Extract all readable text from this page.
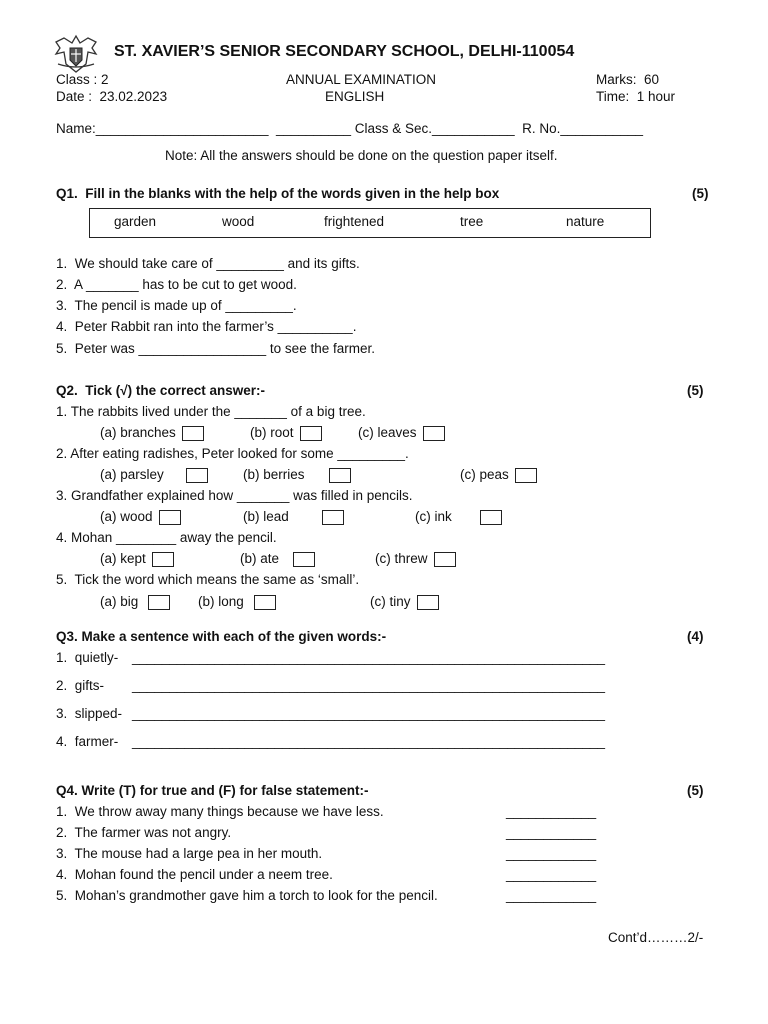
ST. XAVIER’S SENIOR SECONDARY SCHOOL, DELHI-110054
Class : 2	ANNUAL EXAMINATION	Marks:  60
Date :  23.02.2023	ENGLISH	Time:  1 hour
Name:_______________________  __________ Class & Sec.___________  R. No.___________
Note: All the answers should be done on the question paper itself.
Q1.  Fill in the blanks with the help of the words given in the help box	(5)
garden	wood	frightened	tree	nature
1.  We should take care of _________ and its gifts.
2.  A _______ has to be cut to get wood.
3.  The pencil is made up of _________.
4.  Peter Rabbit ran into the farmer’s __________.
5.  Peter was _________________ to see the farmer.
Q2.  Tick (√) the correct answer:-	(5)
1. The rabbits lived under the _______ of a big tree.
(a) branches	(b) root	(c) leaves
2. After eating radishes, Peter looked for some _________.
(a) parsley	(b) berries	(c) peas
3. Grandfather explained how _______ was filled in pencils.
(a) wood	(b) lead	(c) ink
4. Mohan ________ away the pencil.
(a) kept	(b) ate	(c) threw
5.  Tick the word which means the same as ‘small’.
(a) big	(b) long	(c) tiny
Q3. Make a sentence with each of the given words:-	(4)
1.  quietly- _______________________________________________________________
2.  gifts- _______________________________________________________________
3.  slipped- _______________________________________________________________
4.  farmer- _______________________________________________________________
Q4. Write (T) for true and (F) for false statement:-	(5)
1.  We throw away many things because we have less.	____________
2.  The farmer was not angry.	____________
3.  The mouse had a large pea in her mouth.	____________
4.  Mohan found the pencil under a neem tree.	____________
5.  Mohan’s grandmother gave him a torch to look for the pencil.	____________
Cont’d………2/-
